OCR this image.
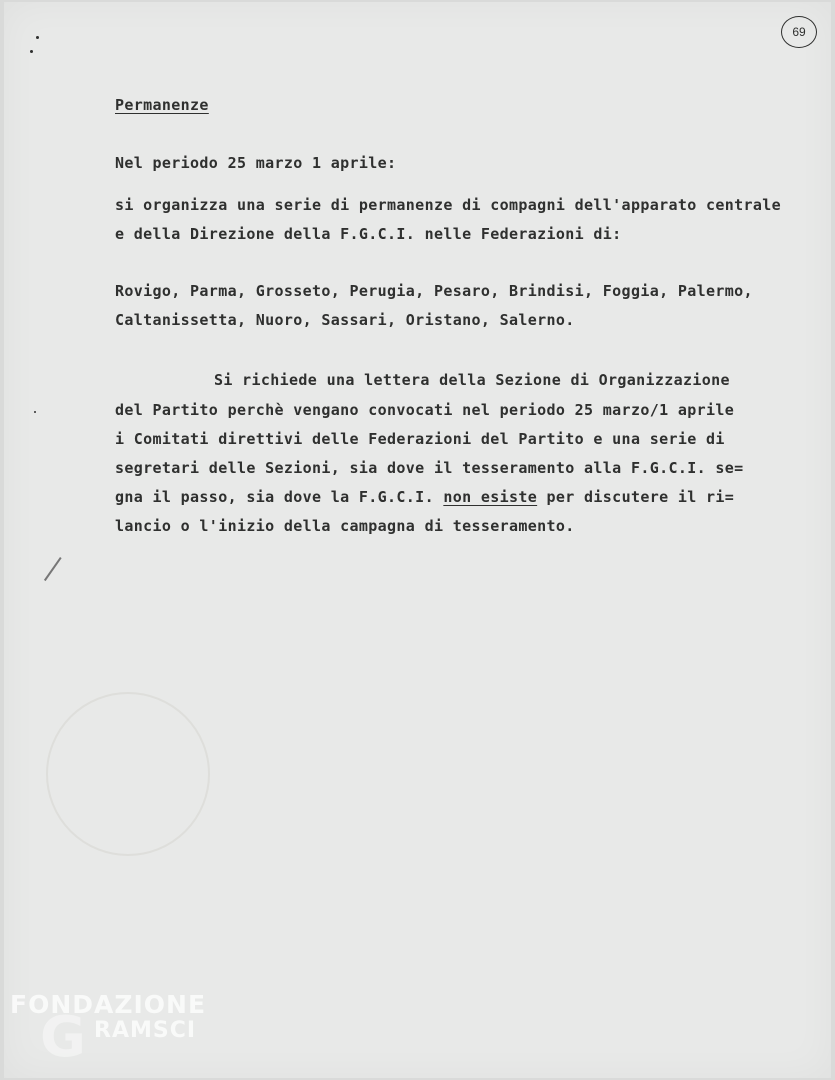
69
Permanenze
Nel periodo 25 marzo 1 aprile:
si organizza una serie di permanenze di compagni dell'apparato centrale
e della Direzione della F.G.C.I. nelle Federazioni di:
Rovigo, Parma, Grosseto, Perugia, Pesaro, Brindisi, Foggia, Palermo,
Caltanissetta, Nuoro, Sassari, Oristano, Salerno.
Si richiede una lettera della Sezione di Organizzazione
del Partito perchè vengano convocati nel periodo 25 marzo/1 aprile
i Comitati direttivi delle Federazioni del Partito e una serie di
segretari delle Sezioni, sia dove il tesseramento alla F.G.C.I. se=
gna il passo, sia dove la F.G.C.I. non esiste per discutere il ri=
lancio o l'inizio della campagna di tesseramento.
FONDAZIONE
G RAMSCI
